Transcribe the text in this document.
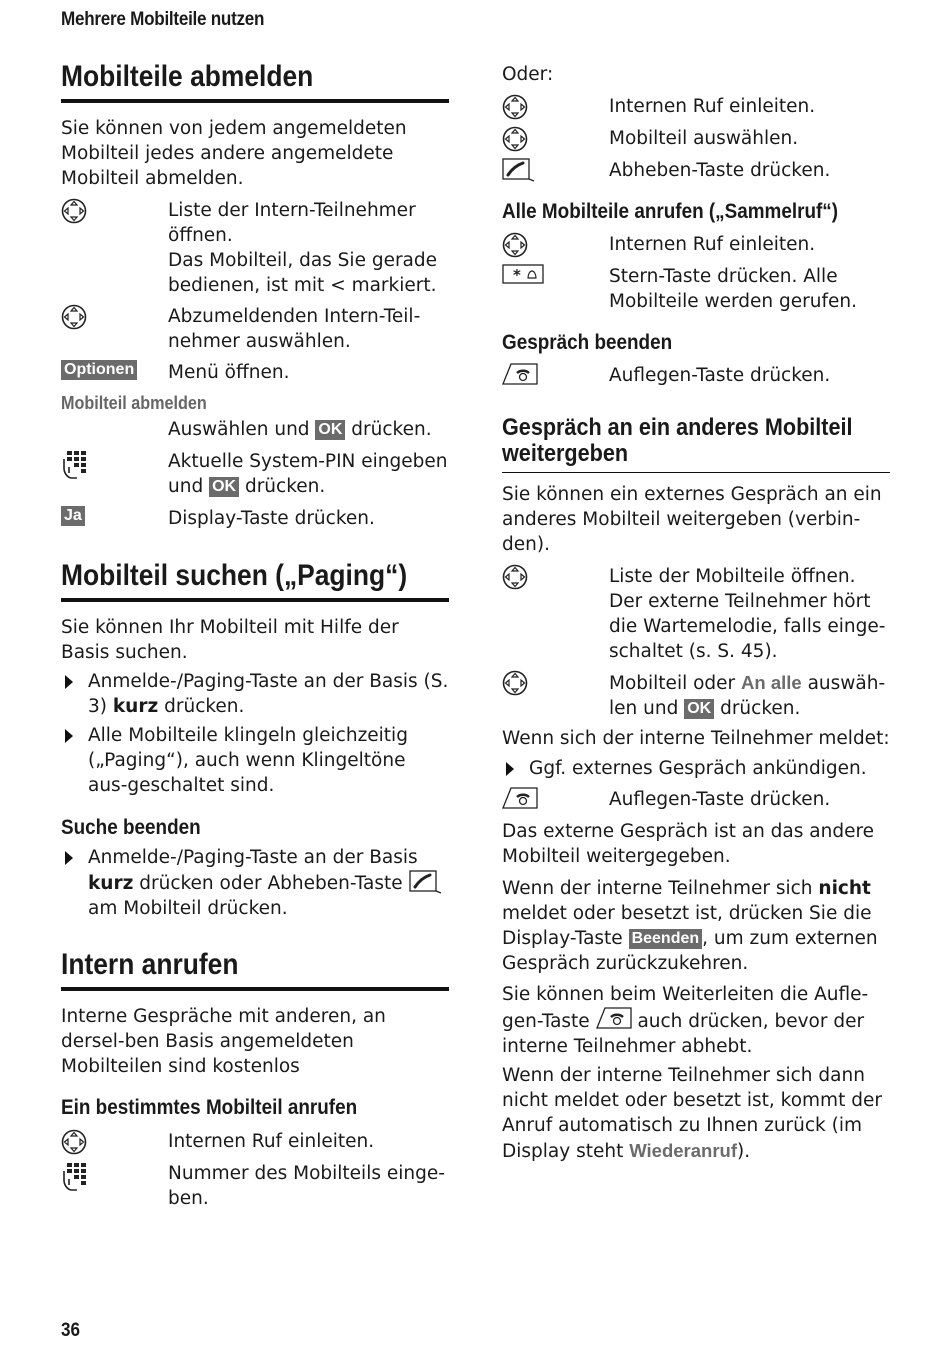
Mehrere Mobilteile nutzen
Mobilteile abmelden
Sie können von jedem angemeldeten Mobilteil jedes andere angemeldete Mobilteil abmelden.
Liste der Intern-Teilnehmer öffnen.
Das Mobilteil, das Sie gerade bedienen, ist mit < markiert.
Abzumeldenden Intern-Teil-nehmer auswählen.
Optionen Menü öffnen.
Mobilteil abmelden
Auswählen und OK drücken.
Aktuelle System-PIN eingeben und OK drücken.
Ja	Display-Taste drücken.
Mobilteil suchen („Paging“)
Sie können Ihr Mobilteil mit Hilfe der Basis suchen.
Anmelde-/Paging-Taste an der Basis (S. 3) kurz drücken.
Alle Mobilteile klingeln gleichzeitig („Paging“), auch wenn Klingeltöne aus-geschaltet sind.
Suche beenden
Anmelde-/Paging-Taste an der Basis kurz drücken oder Abheben-Taste
am Mobilteil drücken.
Intern anrufen
Interne Gespräche mit anderen, an dersel-ben Basis angemeldeten Mobilteilen sind kostenlos
Ein bestimmtes Mobilteil anrufen
Internen Ruf einleiten.
Nummer des Mobilteils einge-ben.
Oder:
Internen Ruf einleiten.
Mobilteil auswählen.
Abheben-Taste drücken.
Alle Mobilteile anrufen („Sammelruf“)
Internen Ruf einleiten.
*	Stern-Taste drücken. Alle Mobilteile werden gerufen.
Gespräch beenden
Auflegen-Taste drücken.
Gespräch an ein anderes Mobilteil weitergeben
Sie können ein externes Gespräch an ein anderes Mobilteil weitergeben (verbin-den).
Liste der Mobilteile öffnen. Der externe Teilnehmer hört die Wartemelodie, falls einge-schaltet (s. S. 45).
Mobilteil oder An alle auswäh-len und OK drücken.
Wenn sich der interne Teilnehmer meldet:
Ggf. externes Gespräch ankündigen.
Auflegen-Taste drücken.
Das externe Gespräch ist an das andere Mobilteil weitergegeben.
Wenn der interne Teilnehmer sich nicht meldet oder besetzt ist, drücken Sie die Display-Taste Beenden , um zum externen Gespräch zurückzukehren.
Sie können beim Weiterleiten die Aufle-gen-Taste
auch drücken, bevor der interne Teilnehmer abhebt.
Wenn der interne Teilnehmer sich dann nicht meldet oder besetzt ist, kommt der Anruf automatisch zu Ihnen zurück (im Display steht Wiederanruf).
36
